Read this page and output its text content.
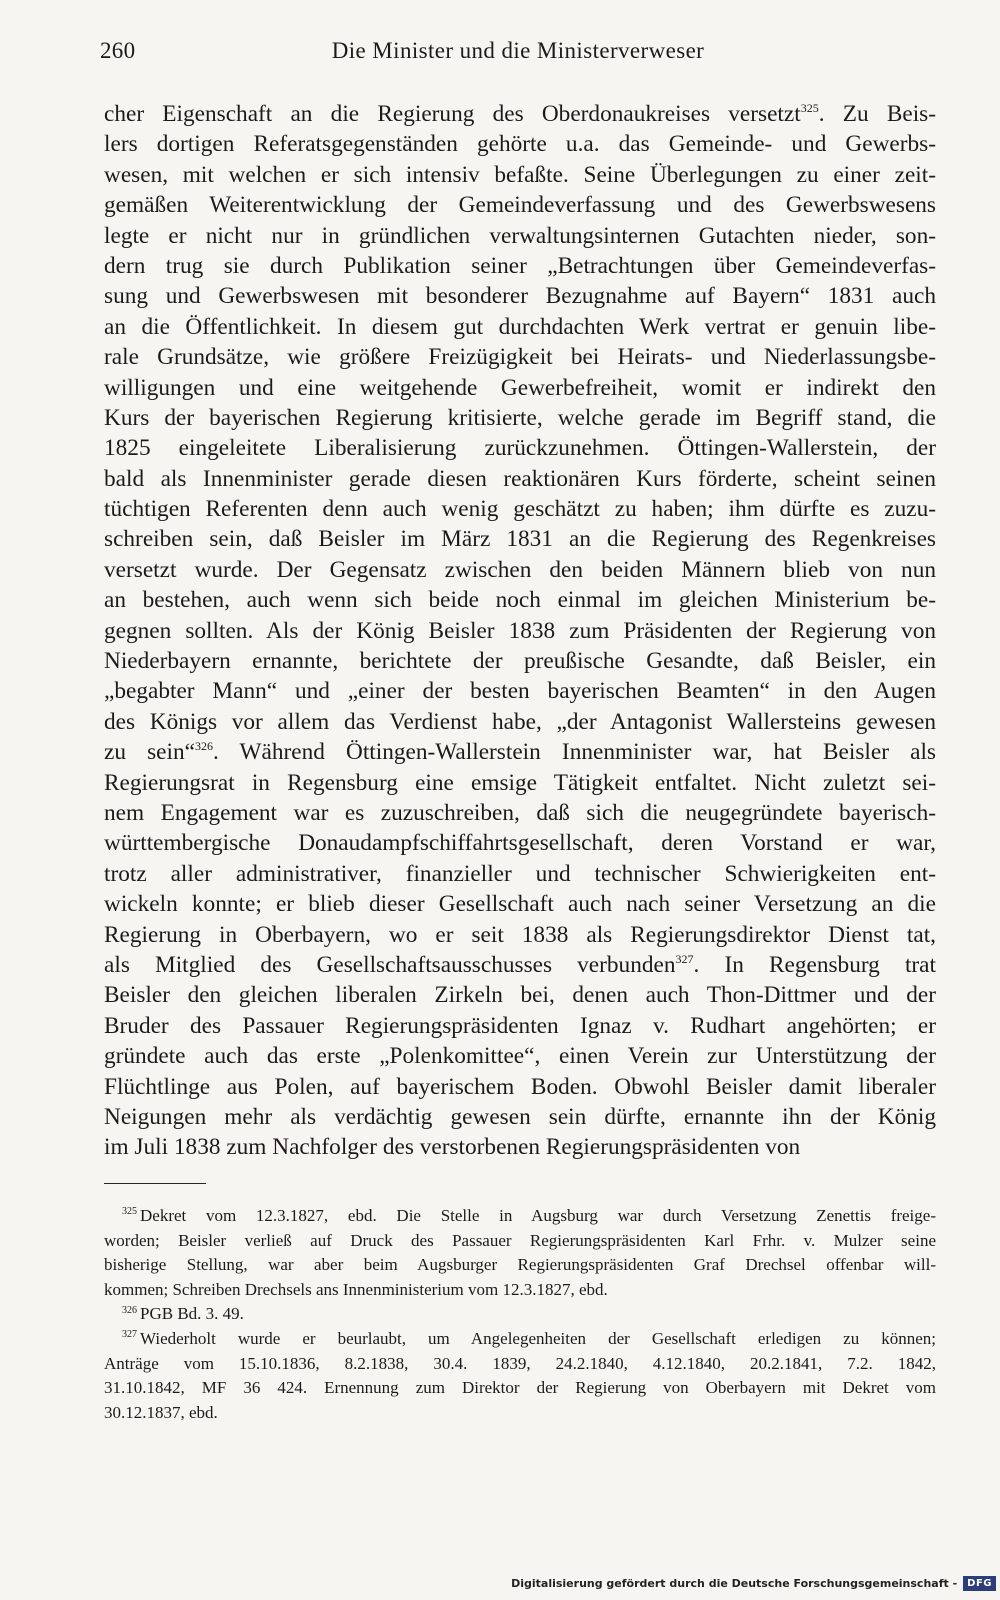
260	Die Minister und die Ministerverweser
cher Eigenschaft an die Regierung des Oberdonaukreises versetzt$^{325}$. Zu Beis-
lers dortigen Referatsgegenständen gehörte u.a. das Gemeinde- und Gewerbs-
wesen, mit welchen er sich intensiv befaßte. Seine Überlegungen zu einer zeit-
gemäßen Weiterentwicklung der Gemeindeverfassung und des Gewerbswesens
legte er nicht nur in gründlichen verwaltungsinternen Gutachten nieder, son-
dern trug sie durch Publikation seiner „Betrachtungen über Gemeindeverfas-
sung und Gewerbswesen mit besonderer Bezugnahme auf Bayern“ 1831 auch
an die Öffentlichkeit. In diesem gut durchdachten Werk vertrat er genuin libe-
rale Grundsätze, wie größere Freizügigkeit bei Heirats- und Niederlassungsbe-
willigungen und eine weitgehende Gewerbefreiheit, womit er indirekt den
Kurs der bayerischen Regierung kritisierte, welche gerade im Begriff stand, die
1825 eingeleitete Liberalisierung zurückzunehmen. Öttingen-Wallerstein, der
bald als Innenminister gerade diesen reaktionären Kurs förderte, scheint seinen
tüchtigen Referenten denn auch wenig geschätzt zu haben; ihm dürfte es zuzu-
schreiben sein, daß Beisler im März 1831 an die Regierung des Regenkreises
versetzt wurde. Der Gegensatz zwischen den beiden Männern blieb von nun
an bestehen, auch wenn sich beide noch einmal im gleichen Ministerium be-
gegnen sollten. Als der König Beisler 1838 zum Präsidenten der Regierung von
Niederbayern ernannte, berichtete der preußische Gesandte, daß Beisler, ein
„begabter Mann“ und „einer der besten bayerischen Beamten“ in den Augen
des Königs vor allem das Verdienst habe, „der Antagonist Wallersteins gewesen
zu sein“$^{326}$. Während Öttingen-Wallerstein Innenminister war, hat Beisler als
Regierungsrat in Regensburg eine emsige Tätigkeit entfaltet. Nicht zuletzt sei-
nem Engagement war es zuzuschreiben, daß sich die neugegründete bayerisch-
württembergische Donaudampfschiffahrtsgesellschaft, deren Vorstand er war,
trotz aller administrativer, finanzieller und technischer Schwierigkeiten ent-
wickeln konnte; er blieb dieser Gesellschaft auch nach seiner Versetzung an die
Regierung in Oberbayern, wo er seit 1838 als Regierungsdirektor Dienst tat,
als Mitglied des Gesellschaftsausschusses verbunden$^{327}$. In Regensburg trat
Beisler den gleichen liberalen Zirkeln bei, denen auch Thon-Dittmer und der
Bruder des Passauer Regierungspräsidenten Ignaz v. Rudhart angehörten; er
gründete auch das erste „Polenkomittee“, einen Verein zur Unterstützung der
Flüchtlinge aus Polen, auf bayerischem Boden. Obwohl Beisler damit liberaler
Neigungen mehr als verdächtig gewesen sein dürfte, ernannte ihn der König
im Juli 1838 zum Nachfolger des verstorbenen Regierungspräsidenten von
$^{325}$ Dekret vom 12.3.1827, ebd. Die Stelle in Augsburg war durch Versetzung Zenettis freige-
worden; Beisler verließ auf Druck des Passauer Regierungspräsidenten Karl Frhr. v. Mulzer seine
bisherige Stellung, war aber beim Augsburger Regierungspräsidenten Graf Drechsel offenbar will-
kommen; Schreiben Drechsels ans Innenministerium vom 12.3.1827, ebd.
$^{326}$ PGB Bd. 3. 49.
$^{327}$ Wiederholt wurde er beurlaubt, um Angelegenheiten der Gesellschaft erledigen zu können;
Anträge vom 15.10.1836, 8.2.1838, 30.4. 1839, 24.2.1840, 4.12.1840, 20.2.1841, 7.2. 1842,
31.10.1842, MF 36 424. Ernennung zum Direktor der Regierung von Oberbayern mit Dekret vom
30.12.1837, ebd.
Digitalisierung gefördert durch die Deutsche Forschungsgemeinschaft -	DFG
